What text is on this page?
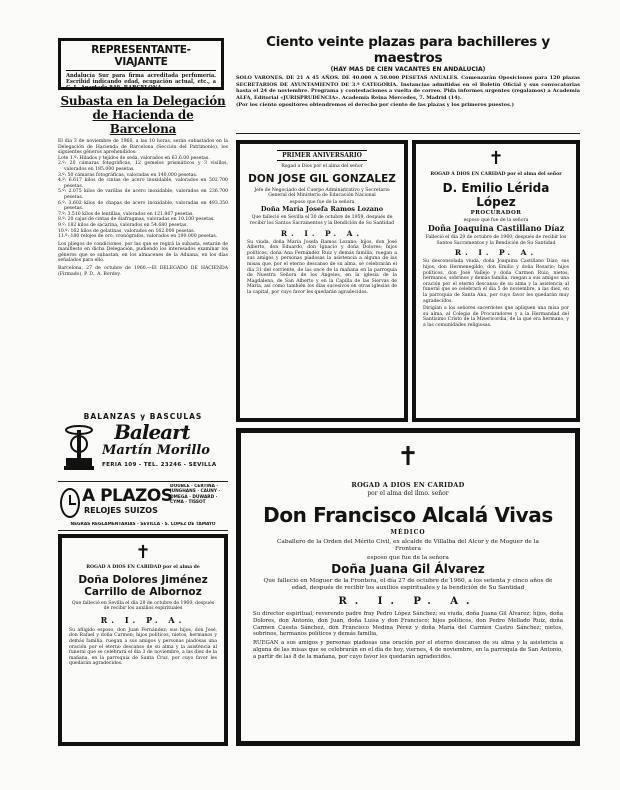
REPRESENTANTE-VIAJANTE
Andalucía Sur para firma acreditada perfumería. Escribid indicando edad, ocupación actual, etc., a C. L. Apartado 849. BARCELONA.
Subasta en la Delegación de Hacienda de Barcelona
El día 3 de noviembre de 1960, a las 10 horas, serán subastados en la Delegación de Hacienda de Barcelona (Sección del Patrimonio), los siguientes géneros aprehendidos:
Lote 1.º: Hilados y tejidos de seda, valorados en 63.6.00 pesetas.
2.º: 20 cámaras fotográficas, 12 gemelos prismáticos y 3 visillos, valorados en 185.000 pesetas.
3.º: 50 cámaras fotográficas, valoradas en 140.000 pesetas.
4.º: 6.617 kilos de cintas de acero inoxidable, valorados en 502.700 pesetas.
5.º: 2.075 kilos de varillas de acero inoxidable, valorados en 236.700 pesetas.
6.º: 3.602 kilos de chapas de acero inoxidable, valoradas en 493.350 pesetas.
7.º: 3.510 kilos de lentillas, valorados en 121.867 pesetas.
8.º: 20 cajas de cintas de diafragmas, valoradas en 10.100 pesetas.
9.º: 182 kilos de sacarina, valorados en 54.680 pesetas.
10.º: 162 kilos de gelatinas, valorados en 162.000 pesetas.
11.º: 180 relojes de oro, cronógrafos, valorados en 190.000 pesetas.
Los pliegos de condiciones, por las que se regirá la subasta, estarán de manifiesto en dicha Delegación, pudiendo los interesados examinar los géneros que se subastan, en los almacenes de la Aduana, en los días señalados para ello.
Barcelona, 27 de octubre de 1960.—El DELEGADO DE HACIENDA (Firmado), P. D., A. Bordoy.
BALANZAS y BASCULAS
Baleart
Martín Morillo
FERIA 109 - TEL. 23246 - SEVILLA
A PLAZOS
RELOJES SUIZOS
DOUBLE · CERTINA · JUNGHANS · CAUNY · OMEGA · DUWARD · CYMA · TISSOT
NEGRAS REGLAMENTARIAS · SEVILLA · S. LÓPEZ DE TAMAYO
✝
ROGAD A DIOS EN CARIDAD por el alma de
Doña Dolores Jiménez Carrillo de Albornoz
Que falleció en Sevilla el día 28 de octubre de 1960, después de recibir los auxilios espirituales
R. I. P. A.
Su afligido esposo, don Juan Fernández; sus hijos, don José, don Rafael y doña Carmen; hijos políticos, nietos, hermanos y demás familia, ruegan a sus amigos y personas piadosas una oración por el eterno descanso de su alma y la asistencia al funeral que se celebrará el día 3 de noviembre, a las diez de la mañana, en la parroquia de Santa Cruz, por cuyo favor les quedarán agradecidos.
Ciento veinte plazas para bachilleres y maestros
(HAY MAS DE CIEN VACANTES EN ANDALUCIA)
SOLO VARONES. DE 21 A 45 AÑOS. DE 40.000 A 50.000 PESETAS ANUALES. Comenzarán Oposiciones para 120 plazas SECRETARIOS DE AYUNTAMIENTO DE 3.ª CATEGORIA. Instancias admitidas en el Boletín Oficial y sus convocatorias hasta el 24 de noviembre. Programa y contestaciones a vuelta de correo. Pida informes urgentes (regalamos) a Academia ALFA, Editorial «JURISPRUDENCIA». Academia Reina Mercedes, 7. Madrid (14).
(Por los ciento opositores obtendremos el derecho por ciento de las plazas y los primeros puestos.)
PRIMER ANIVERSARIO
Rogad a Dios por el alma del señor
DON JOSE GIL GONZALEZ
Jefe de Negociado del Cuerpo Administrativo y Secretario General del Ministerio de Educación Nacional
esposo que fue de la señora
Doña María Josefa Ramos Lozano
Que falleció en Sevilla el 30 de octubre de 1959, después de recibir los Santos Sacramentos y la Bendición de Su Santidad
R. I. P. A.
Su viuda, doña María Josefa Ramos Lozano; hijos, don José Alberto, don Eduardo, don Ignacio y doña Dolores; hijos políticos, doña Ana Fernández Ruiz y demás familia, ruegan a sus amigos y personas piadosas la asistencia a alguna de las misas que, por el eterno descanso de su alma, se celebrarán el día 31 del corriente, de las once de la mañana en la parroquia de Nuestra Señora de los Ángeles, en la iglesia de la Magdalena, de San Alberto y en la Capilla de las Siervas de María, así como también los días sucesivos en otras iglesias de la capital, por cuyo favor les quedarán agradecidos.
✝
ROGAD A DIOS EN CARIDAD por el alma del señor
D. Emilio Lérida López
PROCURADOR
esposo que fue de la señora
Doña Joaquina Castillano Díaz
Falleció el día 29 de octubre de 1960, después de recibir los Santos Sacramentos y la Bendición de Su Santidad
R. I. P. A.
Su desconsolada viuda, doña Joaquina Castillano Díaz; sus hijos, don Hermenegildo, don Emilio y doña Rosario; hijos políticos, don José Vallejo y doña Carmen Ruiz; nietos, hermanos, sobrinos y demás familia, ruegan a sus amigos una oración por el eterno descanso de su alma y la asistencia al funeral que se celebrará el día 5 de noviembre, a las diez, en la parroquia de Santa Ana, por cuyo favor les quedarán muy agradecidos.
Dirigían a los señores sacerdotes que apliquen una misa por su alma, al Colegio de Procuradores y a la Hermandad del Santísimo Cristo de la Misericordia, de la que era hermano, y a las comunidades religiosas.
✝
ROGAD A DIOS EN CARIDAD
por el alma del ilmo. señor
Don Francisco Alcalá Vivas
MÉDICO
Caballero de la Orden del Mérito Civil, ex alcalde de Villalba del Alcor y de Moguer de la Frontera
esposo que fue de la señora
Doña Juana Gil Álvarez
Que falleció en Moguer de la Frontera, el día 27 de octubre de 1960, a los setenta y cinco años de edad, después de recibir los auxilios espirituales y la bendición de Su Santidad
R. I. P. A.
Su director espiritual, reverendo padre fray Pedro López Sánchez; su viuda, doña Juana Gil Álvarez; hijos, doña Dolores, don Antonio, don Juan, doña Luisa y don Francisco; hijos políticos, don Pedro Mellado Ruiz, doña Carmen Cuesta Sánchez, don Francisco Medina Pérez y doña María del Carmen Castro Sánchez; nietos, sobrinos, hermanos políticos y demás familia,
RUEGAN a sus amigos y personas piadosas una oración por el eterno descanso de su alma y la asistencia a alguna de las misas que se celebrarán en el día de hoy, viernes, 4 de noviembre, en la parroquia de San Antonio, a partir de las 8 de la mañana, por cuyo favor les quedarán agradecidos.
